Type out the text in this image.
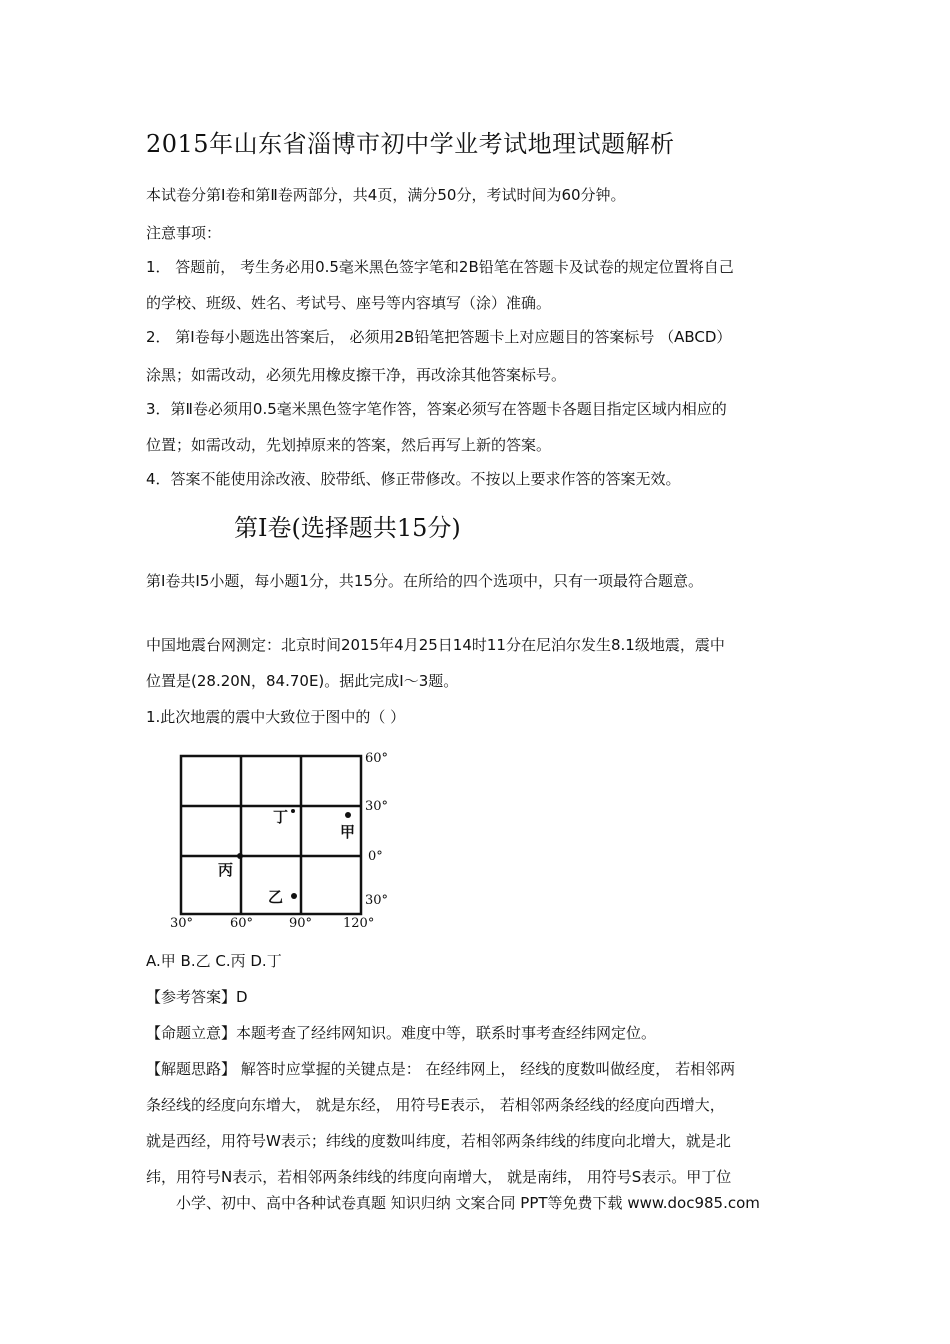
2015年山东省淄博市初中学业考试地理试题解析
本试卷分第Ⅰ卷和第Ⅱ卷两部分，共4页，满分50分，考试时间为60分钟。
注意事项：
1． 答题前， 考生务必用0.5毫米黑色签字笔和2B铅笔在答题卡及试卷的规定位置将自己
的学校、班级、姓名、考试号、座号等内容填写（涂）准确。
2． 第Ⅰ卷每小题选出答案后， 必须用2B铅笔把答题卡上对应题目的答案标号 （ABCD）
涂黑；如需改动，必须先用橡皮擦干净，再改涂其他答案标号。
3．第Ⅱ卷必须用0.5毫米黑色签字笔作答，答案必须写在答题卡各题目指定区域内相应的
位置；如需改动，先划掉原来的答案，然后再写上新的答案。
4．答案不能使用涂改液、胶带纸、修正带修改。不按以上要求作答的答案无效。
第I卷(选择题共15分)
第I卷共I5小题，每小题1分，共15分。在所给的四个选项中，只有一项最符合题意。
中国地震台网测定：北京时间2015年4月25日14时11分在尼泊尔发生8.1级地震，震中
位置是(28.20N，84.70E)。据此完成I～3题。
1.此次地震的震中大致位于图中的（ ）
60°
30°
0°
30°
30°	60°	90° 120°
甲
乙
丙
丁
A.甲 B.乙 C.丙 D.丁
【参考答案】D
【命题立意】本题考查了经纬网知识。难度中等，联系时事考查经纬网定位。
【解题思路】 解答时应掌握的关键点是： 在经纬网上， 经线的度数叫做经度， 若相邻两
条经线的经度向东增大， 就是东经， 用符号E表示， 若相邻两条经线的经度向西增大，
就是西经，用符号W表示；纬线的度数叫纬度，若相邻两条纬线的纬度向北增大，就是北
纬，用符号N表示，若相邻两条纬线的纬度向南增大， 就是南纬， 用符号S表示。甲丁位
小学、初中、高中各种试卷真题 知识归纳 文案合同 PPT等免费下载 www.doc985.com
